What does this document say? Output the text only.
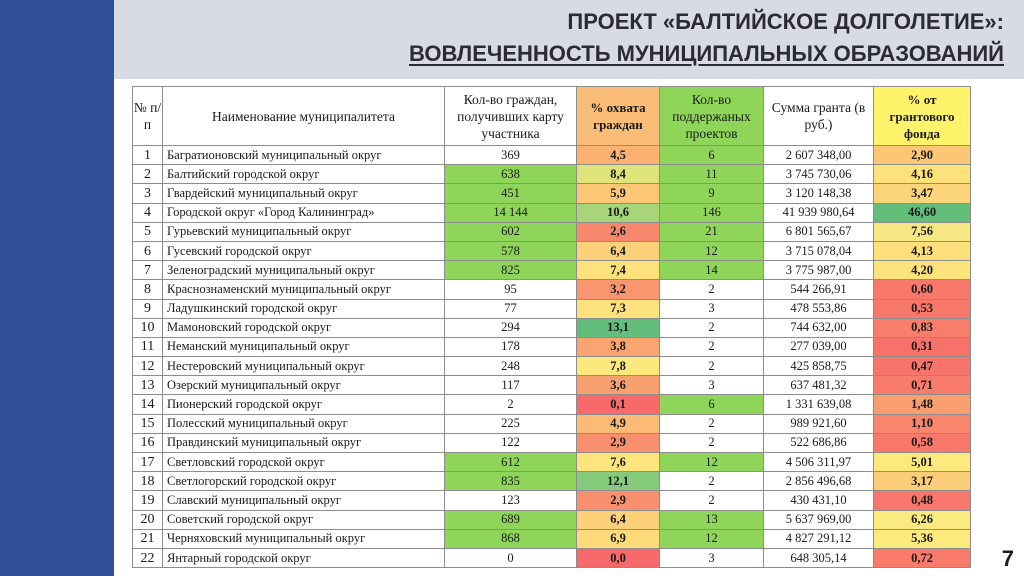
ПРОЕКТ «БАЛТИЙСКОЕ ДОЛГОЛЕТИЕ»:
ВОВЛЕЧЕННОСТЬ МУНИЦИПАЛЬНЫХ ОБРАЗОВАНИЙ
№ п/п	Наименование муниципалитета	Кол-во граждан, получивших карту участника	% охвата граждан	Кол-во поддержаных проектов	Сумма гранта (в руб.)	% от грантового фонда
1	Багратионовский муниципальный округ	369	4,5	6	2 607 348,00	2,90
2	Балтийский городской округ	638	8,4	11	3 745 730,06	4,16
3	Гвардейский муниципальный округ	451	5,9	9	3 120 148,38	3,47
4	Городской округ «Город Калининград»	14 144	10,6	146	41 939 980,64	46,60
5	Гурьевский муниципальный округ	602	2,6	21	6 801 565,67	7,56
6	Гусевский городской округ	578	6,4	12	3 715 078,04	4,13
7	Зеленоградский муниципальный округ	825	7,4	14	3 775 987,00	4,20
8	Краснознаменский муниципальный округ	95	3,2	2	544 266,91	0,60
9	Ладушкинский городской округ	77	7,3	3	478 553,86	0,53
10	Мамоновский городской округ	294	13,1	2	744 632,00	0,83
11	Неманский муниципальный округ	178	3,8	2	277 039,00	0,31
12	Нестеровский муниципальный округ	248	7,8	2	425 858,75	0,47
13	Озерский муниципальный округ	117	3,6	3	637 481,32	0,71
14	Пионерский городской округ	2	0,1	6	1 331 639,08	1,48
15	Полесский муниципальный округ	225	4,9	2	989 921,60	1,10
16	Правдинский муниципальный округ	122	2,9	2	522 686,86	0,58
17	Светловский городской округ	612	7,6	12	4 506 311,97	5,01
18	Светлогорский городской округ	835	12,1	2	2 856 496,68	3,17
19	Славский муниципальный округ	123	2,9	2	430 431,10	0,48
20	Советский городской округ	689	6,4	13	5 637 969,00	6,26
21	Черняховский муниципальный округ	868	6,9	12	4 827 291,12	5,36
22	Янтарный городской округ	0	0,0	3	648 305,14	0,72	7
